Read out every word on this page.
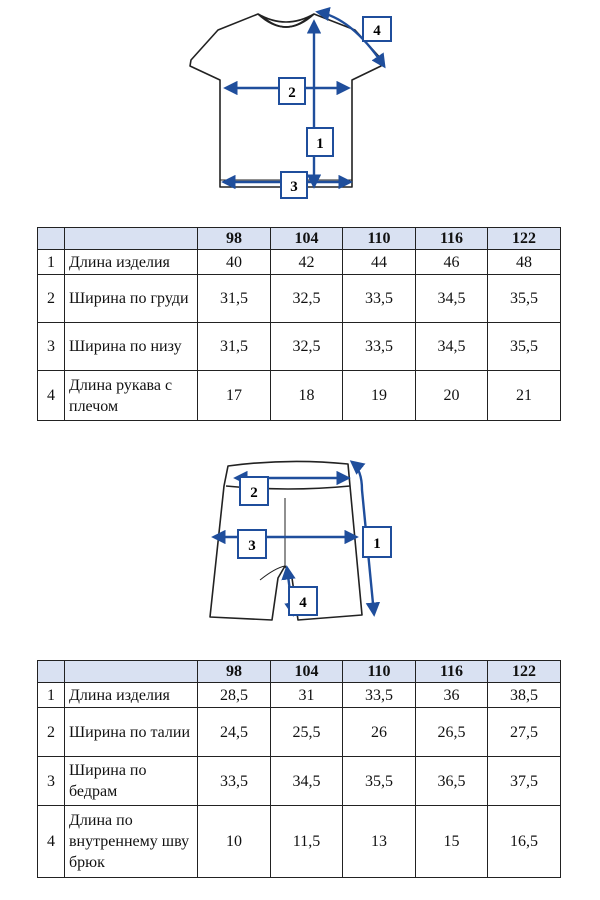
1
2
3
4
		98	104	110	116	122
1	Длина изделия	40	42	44	46	48
2	Ширина по груди	31,5	32,5	33,5	34,5	35,5
3	Ширина по низу	31,5	32,5	33,5	34,5	35,5
4	Длина рукава с плечом	17	18	19	20	21
1
2
3
4
		98	104	110	116	122
1	Длина изделия	28,5	31	33,5	36	38,5
2	Ширина по талии	24,5	25,5	26	26,5	27,5
3	Ширина по бедрам	33,5	34,5	35,5	36,5	37,5
4	Длина по внутреннему шву брюк	10	11,5	13	15	16,5
